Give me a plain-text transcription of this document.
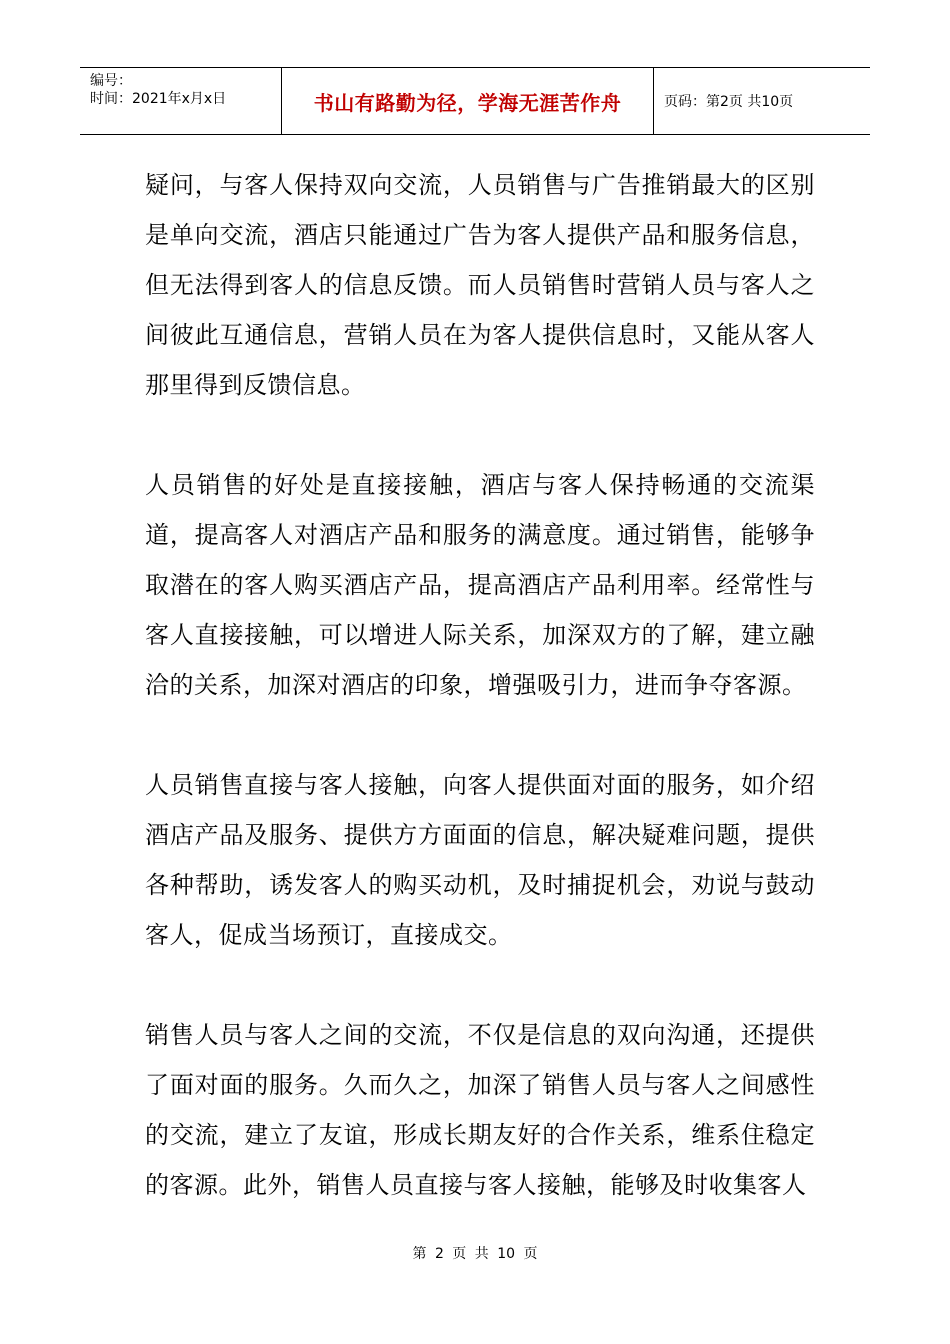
编号：
时间：2021年x月x日	书山有路勤为径，学海无涯苦作舟	页码：第2页 共10页

疑问，与客人保持双向交流，人员销售与广告推销最大的区别是单向交流，酒店只能通过广告为客人提供产品和服务信息，但无法得到客人的信息反馈。而人员销售时营销人员与客人之间彼此互通信息，营销人员在为客人提供信息时，又能从客人那里得到反馈信息。

人员销售的好处是直接接触，酒店与客人保持畅通的交流渠道，提高客人对酒店产品和服务的满意度。通过销售，能够争取潜在的客人购买酒店产品，提高酒店产品利用率。经常性与客人直接接触，可以增进人际关系，加深双方的了解，建立融洽的关系，加深对酒店的印象，增强吸引力，进而争夺客源。

人员销售直接与客人接触，向客人提供面对面的服务，如介绍酒店产品及服务、提供方方面面的信息，解决疑难问题，提供各种帮助，诱发客人的购买动机，及时捕捉机会，劝说与鼓动客人，促成当场预订，直接成交。

销售人员与客人之间的交流，不仅是信息的双向沟通，还提供了面对面的服务。久而久之，加深了销售人员与客人之间感性的交流，建立了友谊，形成长期友好的合作关系，维系住稳定的客源。此外，销售人员直接与客人接触，能够及时收集客人

第 2 页 共 10 页
